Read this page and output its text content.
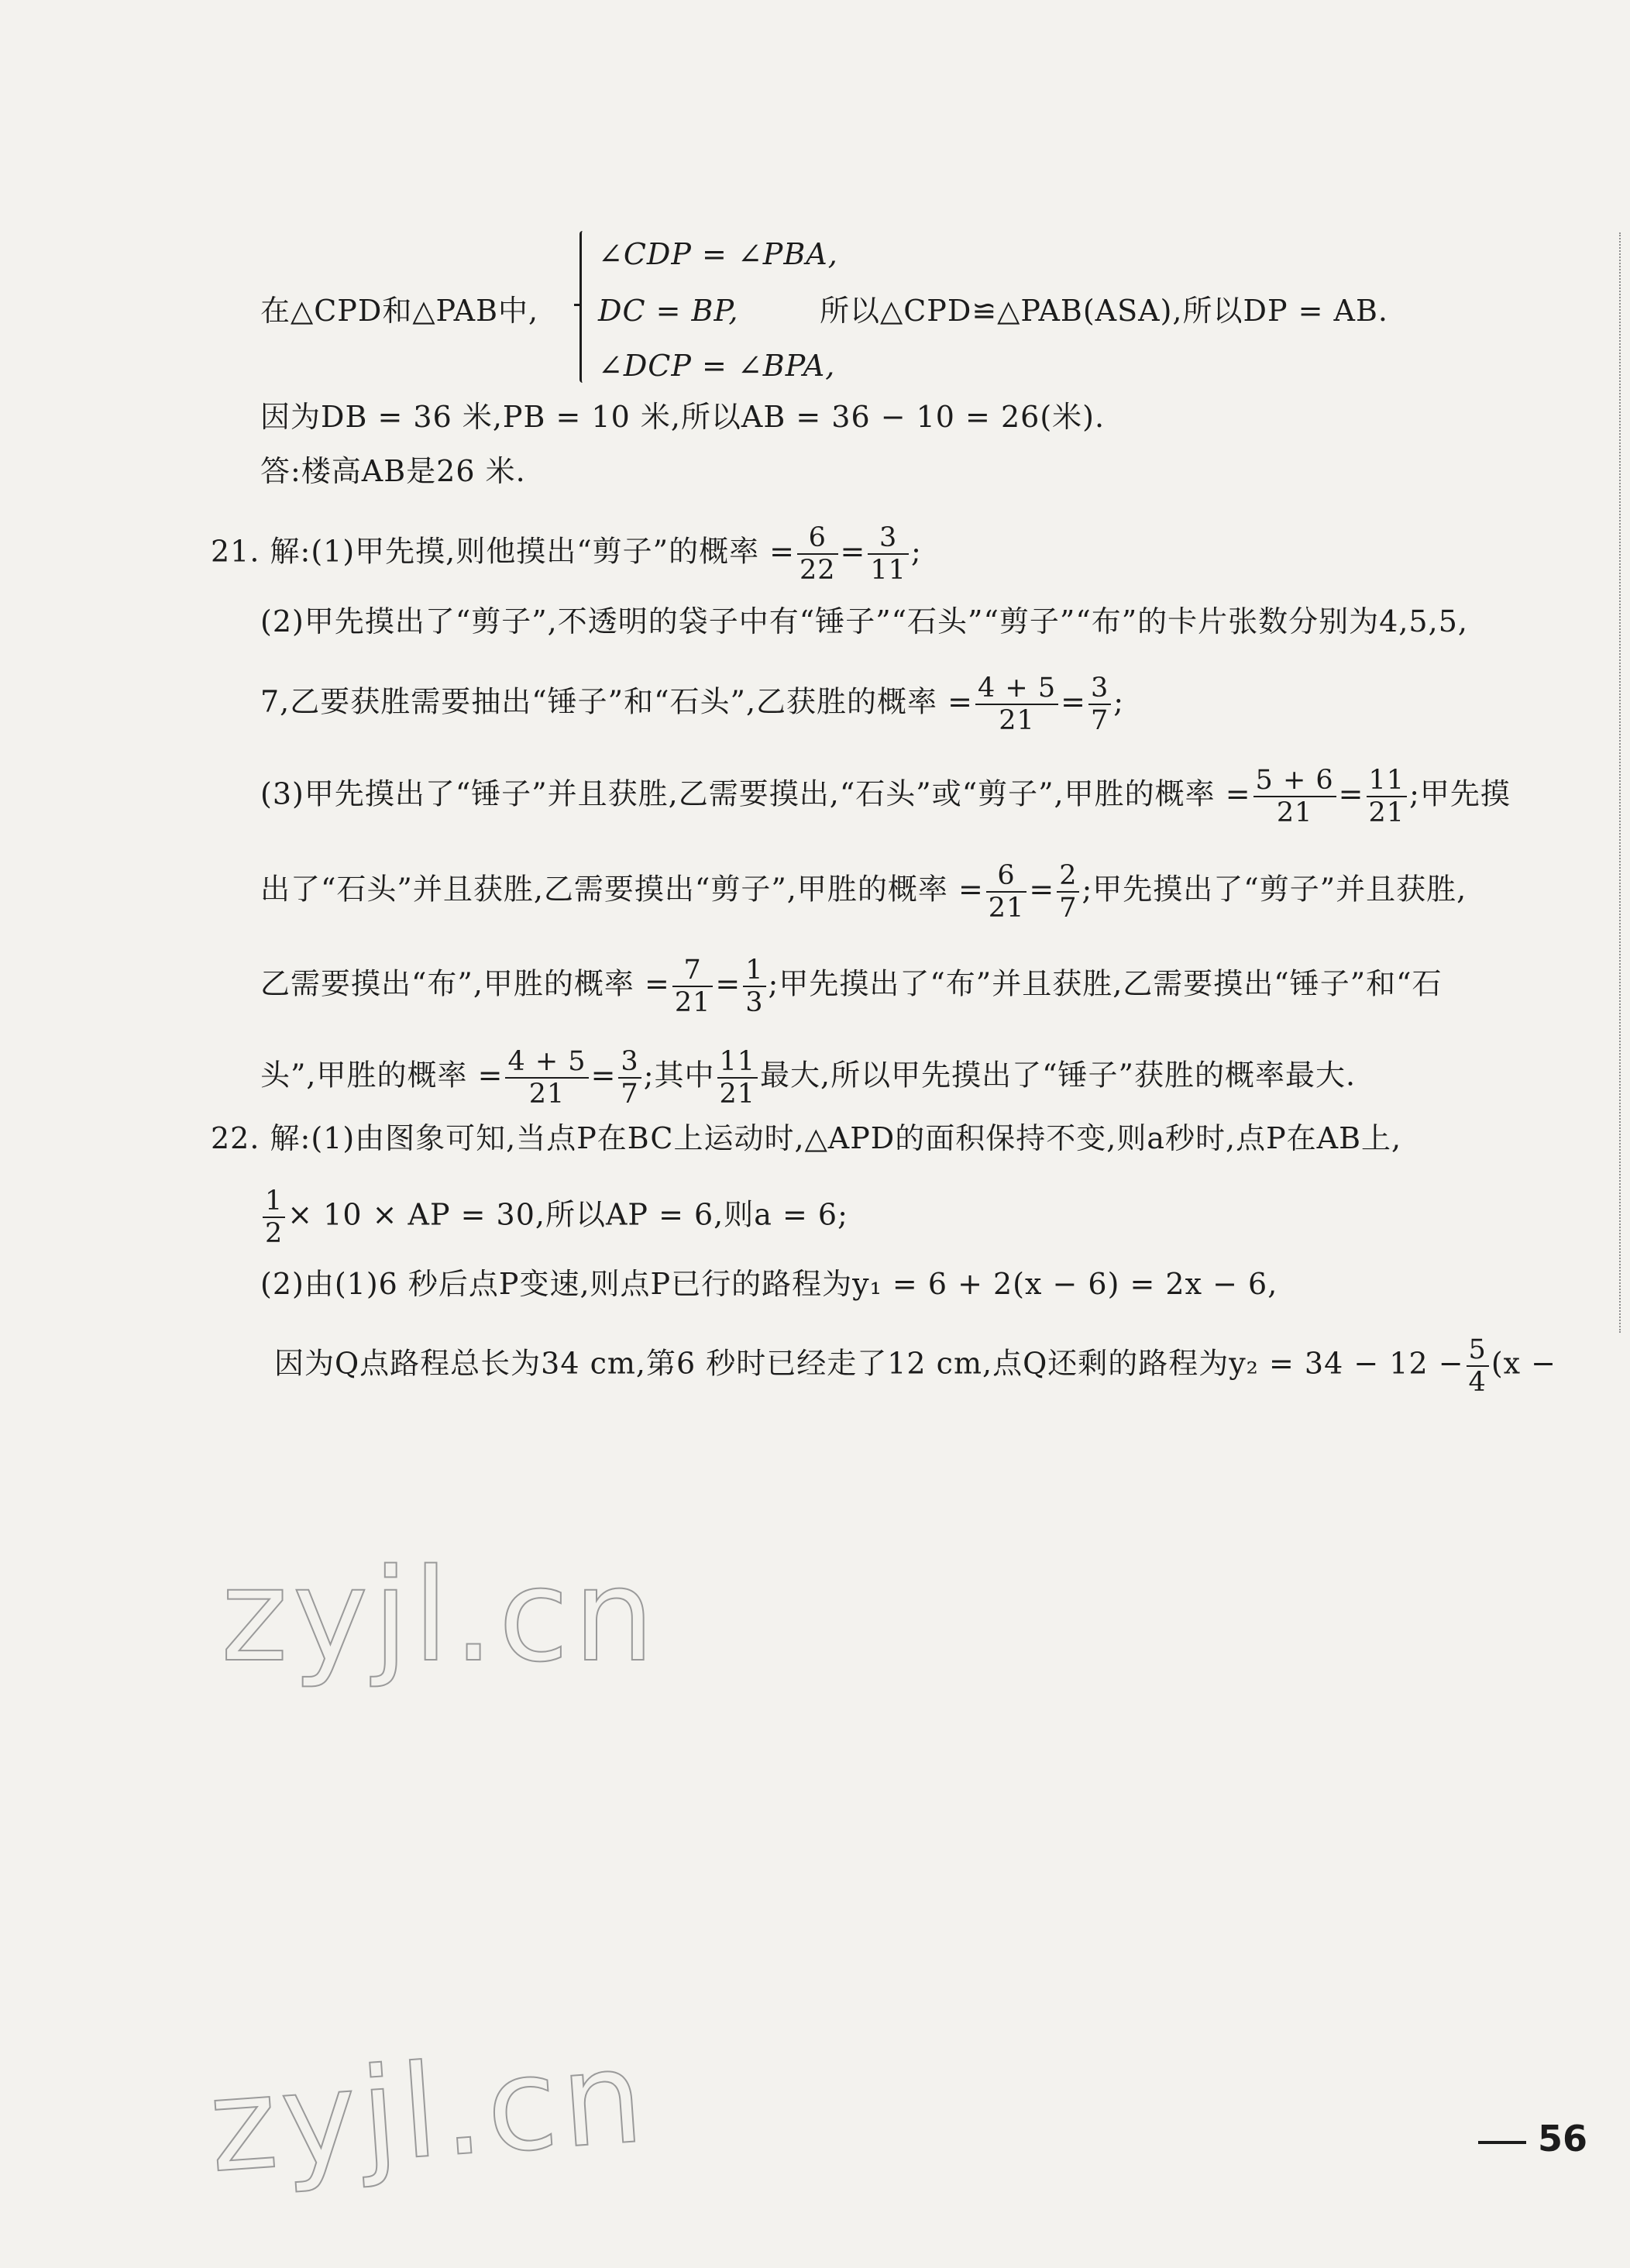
在△CPD和△PAB中,
∠CDP = ∠PBA,
DC = BP,
∠DCP = ∠BPA,
所以△CPD≌△PAB(ASA),所以DP = AB.
因为DB = 36 米,PB = 10 米,所以AB = 36 − 10 = 26(米).
答:楼高AB是26 米.
21. 解:(1)甲先摸,则他摸出“剪子”的概率 = $\frac{6}{22} = \frac{3}{11}$ ;
(2)甲先摸出了“剪子”,不透明的袋子中有“锤子”“石头”“剪子”“布”的卡片张数分别为4,5,5,
7,乙要获胜需要抽出“锤子”和“石头”,乙获胜的概率 = $\frac{4 + 5}{21} = \frac{3}{7}$ ;
(3)甲先摸出了“锤子”并且获胜,乙需要摸出,“石头”或“剪子”,甲胜的概率 = $\frac{5 + 6}{21} = \frac{11}{21}$ ;甲先摸
出了“石头”并且获胜,乙需要摸出“剪子”,甲胜的概率 = $\frac{6}{21} = \frac{2}{7}$ ;甲先摸出了“剪子”并且获胜,
乙需要摸出“布”,甲胜的概率 = $\frac{7}{21} = \frac{1}{3}$ ;甲先摸出了“布”并且获胜,乙需要摸出“锤子”和“石
头”,甲胜的概率 = $\frac{4 + 5}{21} = \frac{3}{7}$ ;其中 $\frac{11}{21}$ 最大,所以甲先摸出了“锤子”获胜的概率最大.
22. 解:(1)由图象可知,当点P在BC上运动时,△APD的面积保持不变,则a秒时,点P在AB上,
$\frac{1}{2} \times 10$ × AP = 30,所以AP = 6,则a = 6;
(2)由(1)6 秒后点P变速,则点P已行的路程为y₁ = 6 + 2(x − 6) = 2x − 6,
因为Q点路程总长为34 cm,第6 秒时已经走了12 cm,点Q还剩的路程为$y_2 = 34 - 12 - \frac{5}{4} (x$ −
zyjl.cn
zyjl.cn	56
